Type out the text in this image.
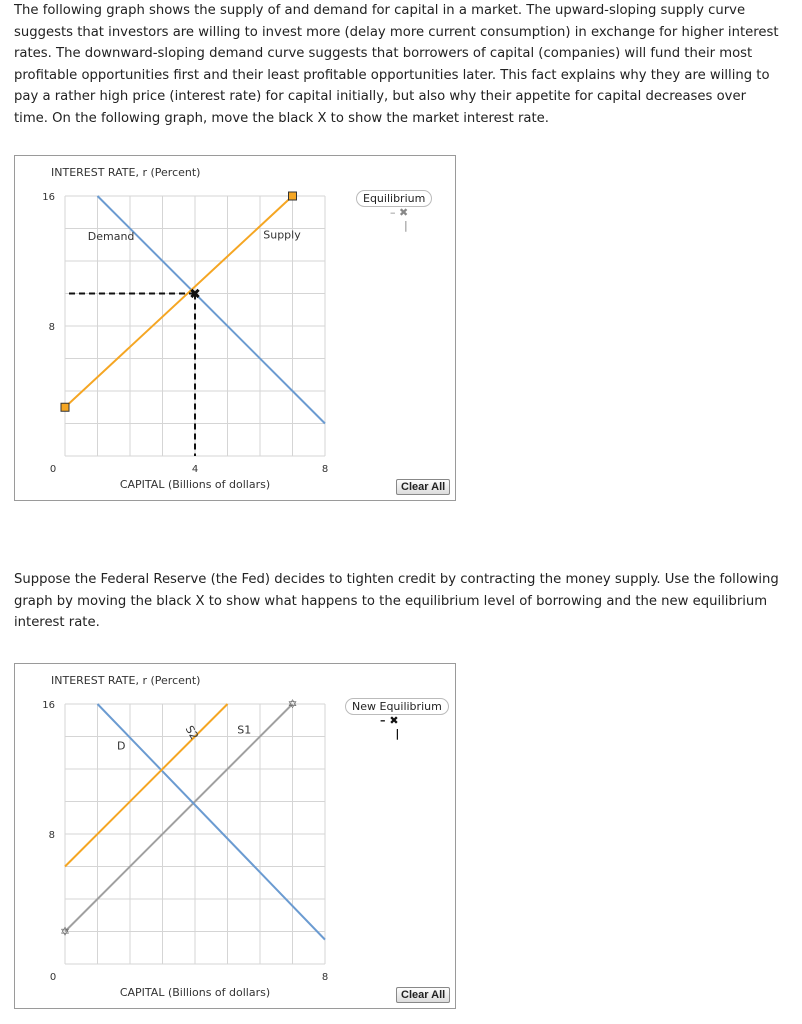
The following graph shows the supply of and demand for capital in a market. The upward-sloping supply curve suggests that investors are willing to invest more (delay more current consumption) in exchange for higher interest rates. The downward-sloping demand curve suggests that borrowers of capital (companies) will fund their most profitable opportunities first and their least profitable opportunities later. This fact explains why they are willing to pay a rather high price (interest rate) for capital initially, but also why their appetite for capital decreases over time. On the following graph, move the black X to show the market interest rate.

INTEREST RATE, r (Percent)
CAPITAL (Billions of dollars)
16
8
0	4	8
Demand	Supply
✖
Equilibrium
– ✖
|
Clear All

Suppose the Federal Reserve (the Fed) decides to tighten credit by contracting the money supply. Use the following graph by moving the black X to show what happens to the equilibrium level of borrowing and the new equilibrium interest rate.

INTEREST RATE, r (Percent)
CAPITAL (Billions of dollars)
16
8
0	8
✡
✡
D
S2	S1
New Equilibrium
– ✖
|
Clear All
